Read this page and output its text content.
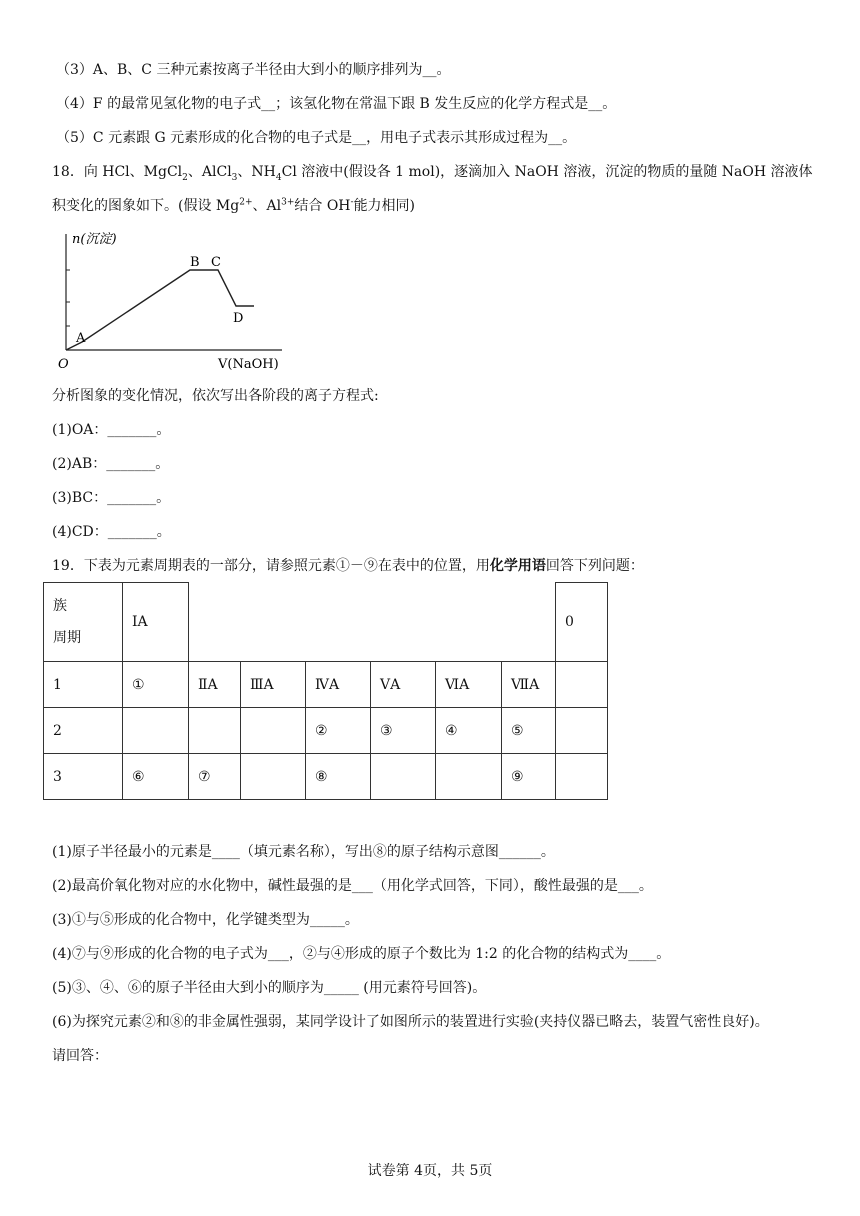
（3）A、B、C 三种元素按离子半径由大到小的顺序排列为__。
（4）F 的最常见氢化物的电子式__；该氢化物在常温下跟 B 发生反应的化学方程式是__。
（5）C 元素跟 G 元素形成的化合物的电子式是__，用电子式表示其形成过程为__。
18．向 HCl、MgCl$_2$、AlCl$_3$、$NH_4Cl$ 溶液中(假设各 1 mol)，逐滴加入 NaOH 溶液，沉淀的物质的量随 NaOH 溶液体
积变化的图象如下。(假设 $Mg^{2+}$、$Al^{3+}$结合 OH-能力相同)
n(沉淀)
O	V(NaOH)
A
B C
D
分析图象的变化情况，依次写出各阶段的离子方程式:
(1)OA：_______。
(2)AB：_______。
(3)BC：_______。
(4)CD：_______。
19．下表为元素周期表的一部分，请参照元素①－⑨在表中的位置，用化学用语回答下列问题：
族
周期	IA							0
1	①	ⅡA	ⅢA	ⅣA	ⅤA	ⅥA	ⅦA	
2				②	③	④	⑤	
3	⑥	⑦		⑧			⑨	
(1)原子半径最小的元素是____（填元素名称），写出⑧的原子结构示意图______。
(2)最高价氧化物对应的水化物中，碱性最强的是___（用化学式回答，下同），酸性最强的是___。
(3)①与⑤形成的化合物中，化学键类型为_____。
(4)⑦与⑨形成的化合物的电子式为___，②与④形成的原子个数比为 1:2 的化合物的结构式为____。
(5)③、④、⑥的原子半径由大到小的顺序为_____ (用元素符号回答)。
(6)为探究元素②和⑧的非金属性强弱，某同学设计了如图所示的装置进行实验(夹持仪器已略去，装置气密性良好)。
请回答：
试卷第 4页，共 5页
